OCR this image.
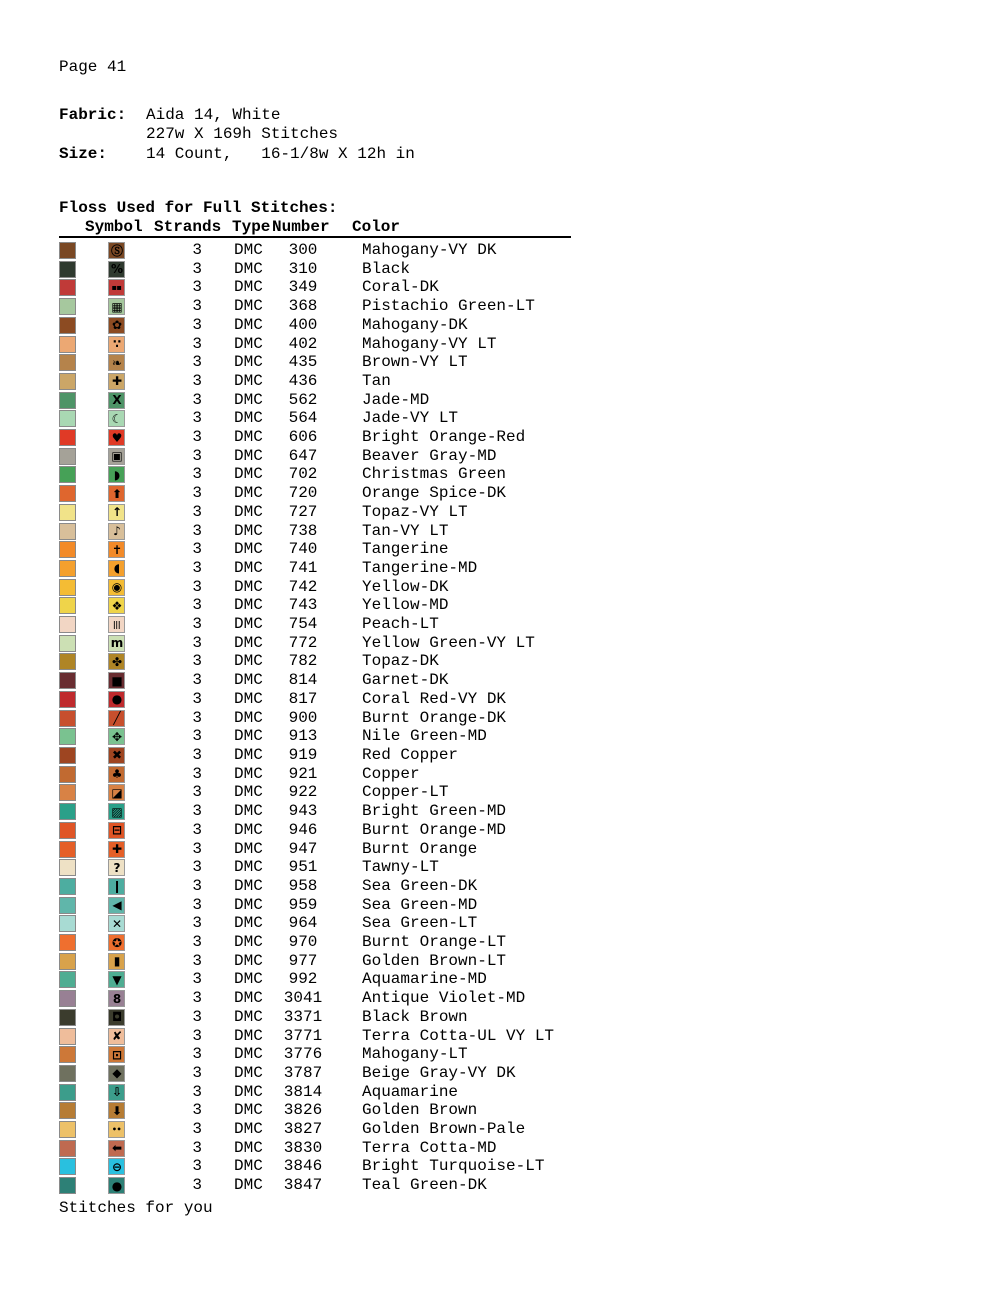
Page 41
Fabric:	Aida 14, White
227w X 169h Stitches
Size:	14 Count,   16-1/8w X 12h in
Floss Used for Full Stitches:
Symbol Strands Type Number Color
Ⓢ	3 DMC	300	Mahogany-VY DK
%	3 DMC	310	Black
▪▪	3 DMC	349	Coral-DK
▦	3 DMC	368	Pistachio Green-LT
✿	3 DMC	400	Mahogany-DK
∵	3 DMC	402	Mahogany-VY LT
❧	3 DMC	435	Brown-VY LT
✚	3 DMC	436	Tan
X	3 DMC	562	Jade-MD
☾	3 DMC	564	Jade-VY LT
♥	3 DMC	606	Bright Orange-Red
▣	3 DMC	647	Beaver Gray-MD
◗	3 DMC	702	Christmas Green
⬆	3 DMC	720	Orange Spice-DK
↑	3 DMC	727	Topaz-VY LT
♪	3 DMC	738	Tan-VY LT
✝	3 DMC	740	Tangerine
◖	3 DMC	741	Tangerine-MD
◉	3 DMC	742	Yellow-DK
❖	3 DMC	743	Yellow-MD
|||	3 DMC	754	Peach-LT
m	3 DMC	772	Yellow Green-VY LT
✤	3 DMC	782	Topaz-DK
■	3 DMC	814	Garnet-DK
●	3 DMC	817	Coral Red-VY DK
╱	3 DMC	900	Burnt Orange-DK
✥	3 DMC	913	Nile Green-MD
✖	3 DMC	919	Red Copper
♣	3 DMC	921	Copper
◪	3 DMC	922	Copper-LT
▨	3 DMC	943	Bright Green-MD
⊟	3 DMC	946	Burnt Orange-MD
✚	3 DMC	947	Burnt Orange
?	3 DMC	951	Tawny-LT
❙	3 DMC	958	Sea Green-DK
◀	3 DMC	959	Sea Green-MD
✕	3 DMC	964	Sea Green-LT
✪	3 DMC	970	Burnt Orange-LT
▮	3 DMC	977	Golden Brown-LT
▼	3 DMC	992	Aquamarine-MD
8	3 DMC	3041	Antique Violet-MD
◘	3 DMC	3371	Black Brown
✘	3 DMC	3771	Terra Cotta-UL VY LT
⊡	3 DMC	3776	Mahogany-LT
◆	3 DMC	3787	Beige Gray-VY DK
⇩	3 DMC	3814	Aquamarine
⬇	3 DMC	3826	Golden Brown
••	3 DMC	3827	Golden Brown-Pale
⬅	3 DMC	3830	Terra Cotta-MD
⊖	3 DMC	3846	Bright Turquoise-LT
●	3 DMC	3847	Teal Green-DK
Stitches for you
